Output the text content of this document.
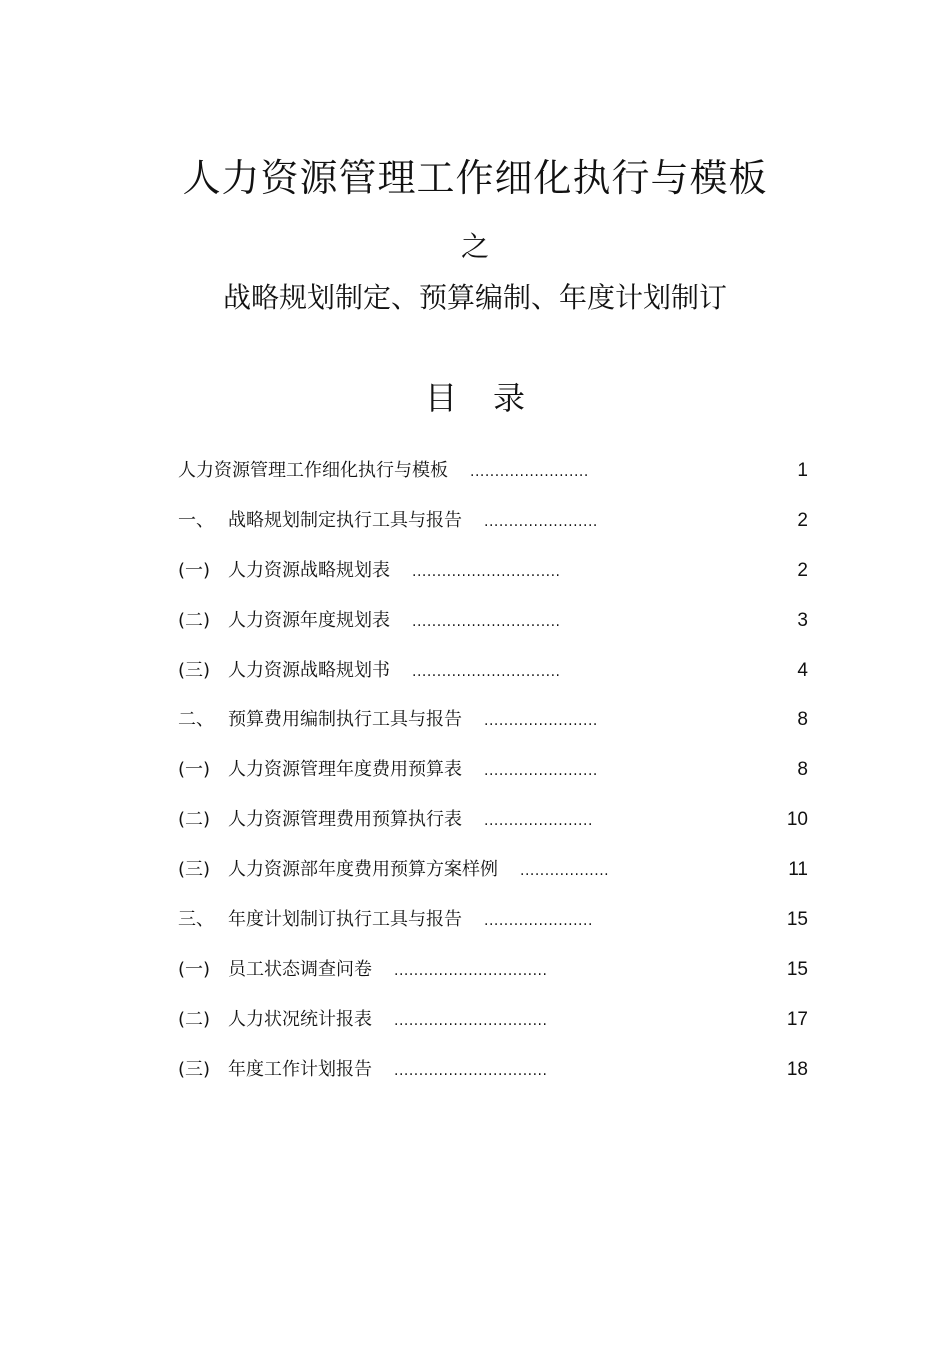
人力资源管理工作细化执行与模板
之
战略规划制定、预算编制、年度计划制订
目 录
人力资源管理工作细化执行与模板 ........................	1
一、 战略规划制定执行工具与报告 .......................	2
(一) 人力资源战略规划表 ..............................	2
(二) 人力资源年度规划表 ..............................	3
(三) 人力资源战略规划书 ..............................	4
二、 预算费用编制执行工具与报告 .......................	8
(一) 人力资源管理年度费用预算表 .......................	8
(二) 人力资源管理费用预算执行表 ......................	10
(三) 人力资源部年度费用预算方案样例 ..................	11
三、 年度计划制订执行工具与报告 ......................	15
(一) 员工状态调查问卷 ...............................	15
(二) 人力状况统计报表 ...............................	17
(三) 年度工作计划报告 ...............................	18
